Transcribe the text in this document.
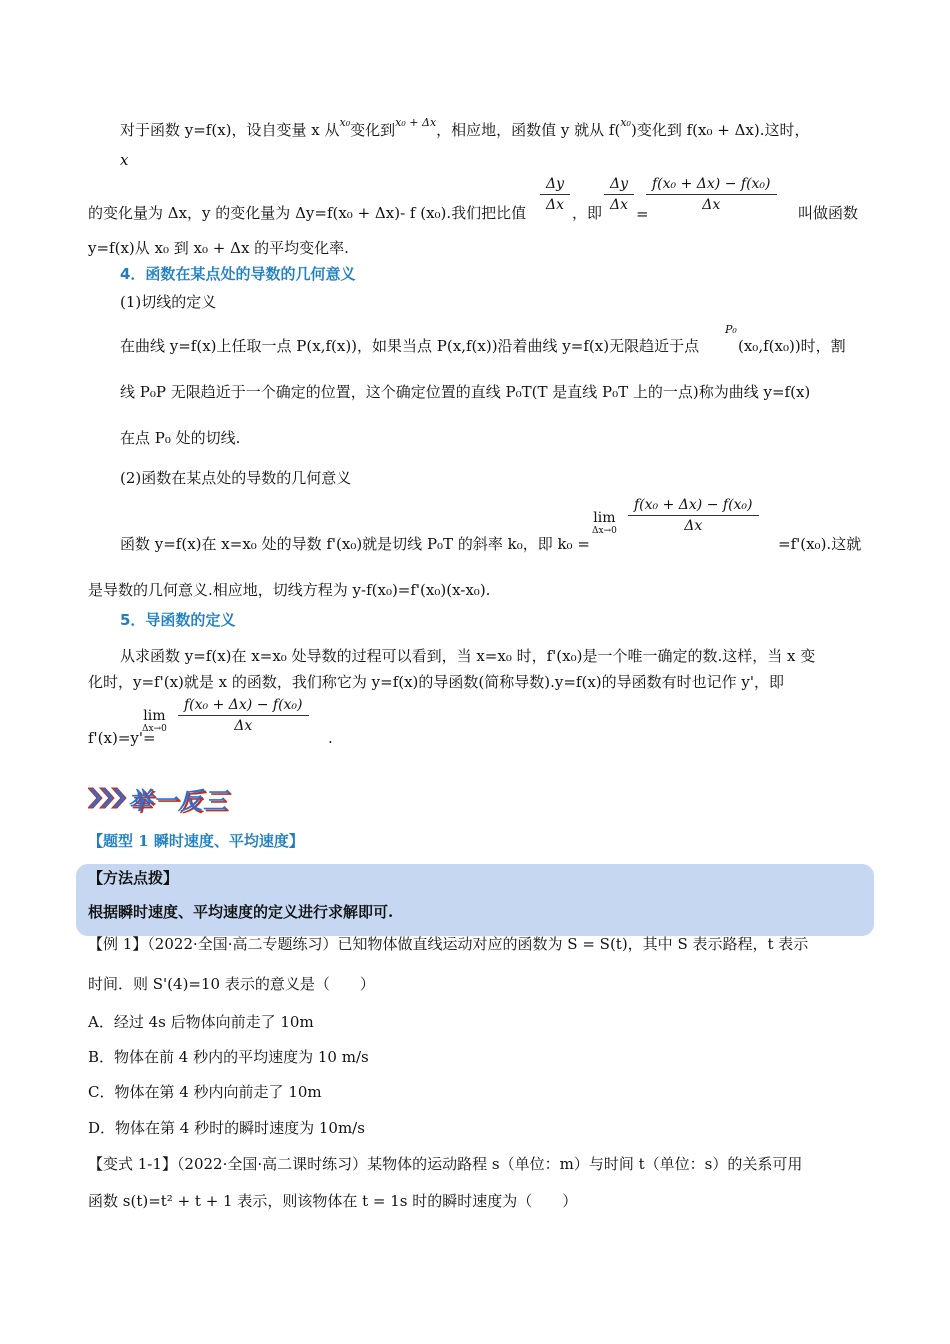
对于函数 y=f(x)，设自变量 x 从$^{x_0}$变化到$^{x_0 + \Delta x}$，相应地，函数值 y 就从 f($^{x_0}$)变化到 f(x₀ + Δx).这时，
x
的变化量为 Δx，y 的变化量为 Δy=f(x₀ + Δx)- f (x₀).我们把比值 $\frac{\Delta y}{\Delta x}$ ，即 $\frac{\Delta y}{\Delta x}$
=
$\frac{\text{f(x₀ + Δx) − f(x₀)}}{\Delta x}$ 叫做函数
y=f(x)从 x₀ 到 x₀ + Δx 的平均变化率.
4．函数在某点处的导数的几何意义
(1)切线的定义
在曲线 y=f(x)上任取一点 P(x,f(x))，如果当点 P(x,f(x))沿着曲线 y=f(x)无限趋近于点
P₀
(x₀,f(x₀))时，割
线 P₀P 无限趋近于一个确定的位置，这个确定位置的直线 P₀T(T 是直线 P₀T 上的一点)称为曲线 y=f(x)
在点 P₀ 处的切线.
(2)函数在某点处的导数的几何意义
函数 y=f(x)在 x=x₀ 处的导数 f'(x₀)就是切线 P₀T 的斜率 k₀，即 k₀ =
lim
$\Delta x\to 0 \frac{\text{f(x₀ + Δx) − f(x₀)}}{\Delta x}$
=f'(x₀).这就
是导数的几何意义.相应地，切线方程为 y-f(x₀)=f'(x₀)(x-x₀).
5．导函数的定义
从求函数 y=f(x)在 x=x₀ 处导数的过程可以看到，当 x=x₀ 时，f'(x₀)是一个唯一确定的数.这样，当 x 变
化时，y=f'(x)就是 x 的函数，我们称它为 y=f(x)的导函数(简称导数).y=f(x)的导函数有时也记作 y'，即
f'(x)=y'=
lim
$\Delta x\to 0 \frac{\text{f(x₀ + Δx) − f(x₀)}}{\Delta x}$
.
举一反三
【题型 1 瞬时速度、平均速度】
【方法点拨】
根据瞬时速度、平均速度的定义进行求解即可.
【例 1】（2022·全国·高二专题练习）已知物体做直线运动对应的函数为 S = S(t)，其中 S 表示路程，t 表示
时间．则 S'(4)=10 表示的意义是（　　）
A．经过 4s 后物体向前走了 10m
B．物体在前 4 秒内的平均速度为 10 m/s
C．物体在第 4 秒内向前走了 10m
D．物体在第 4 秒时的瞬时速度为 10m/s
【变式 1-1】（2022·全国·高二课时练习）某物体的运动路程 s（单位：m）与时间 t（单位：s）的关系可用
函数 s(t)=t² + t + 1 表示，则该物体在 t = 1s 时的瞬时速度为（　　）
